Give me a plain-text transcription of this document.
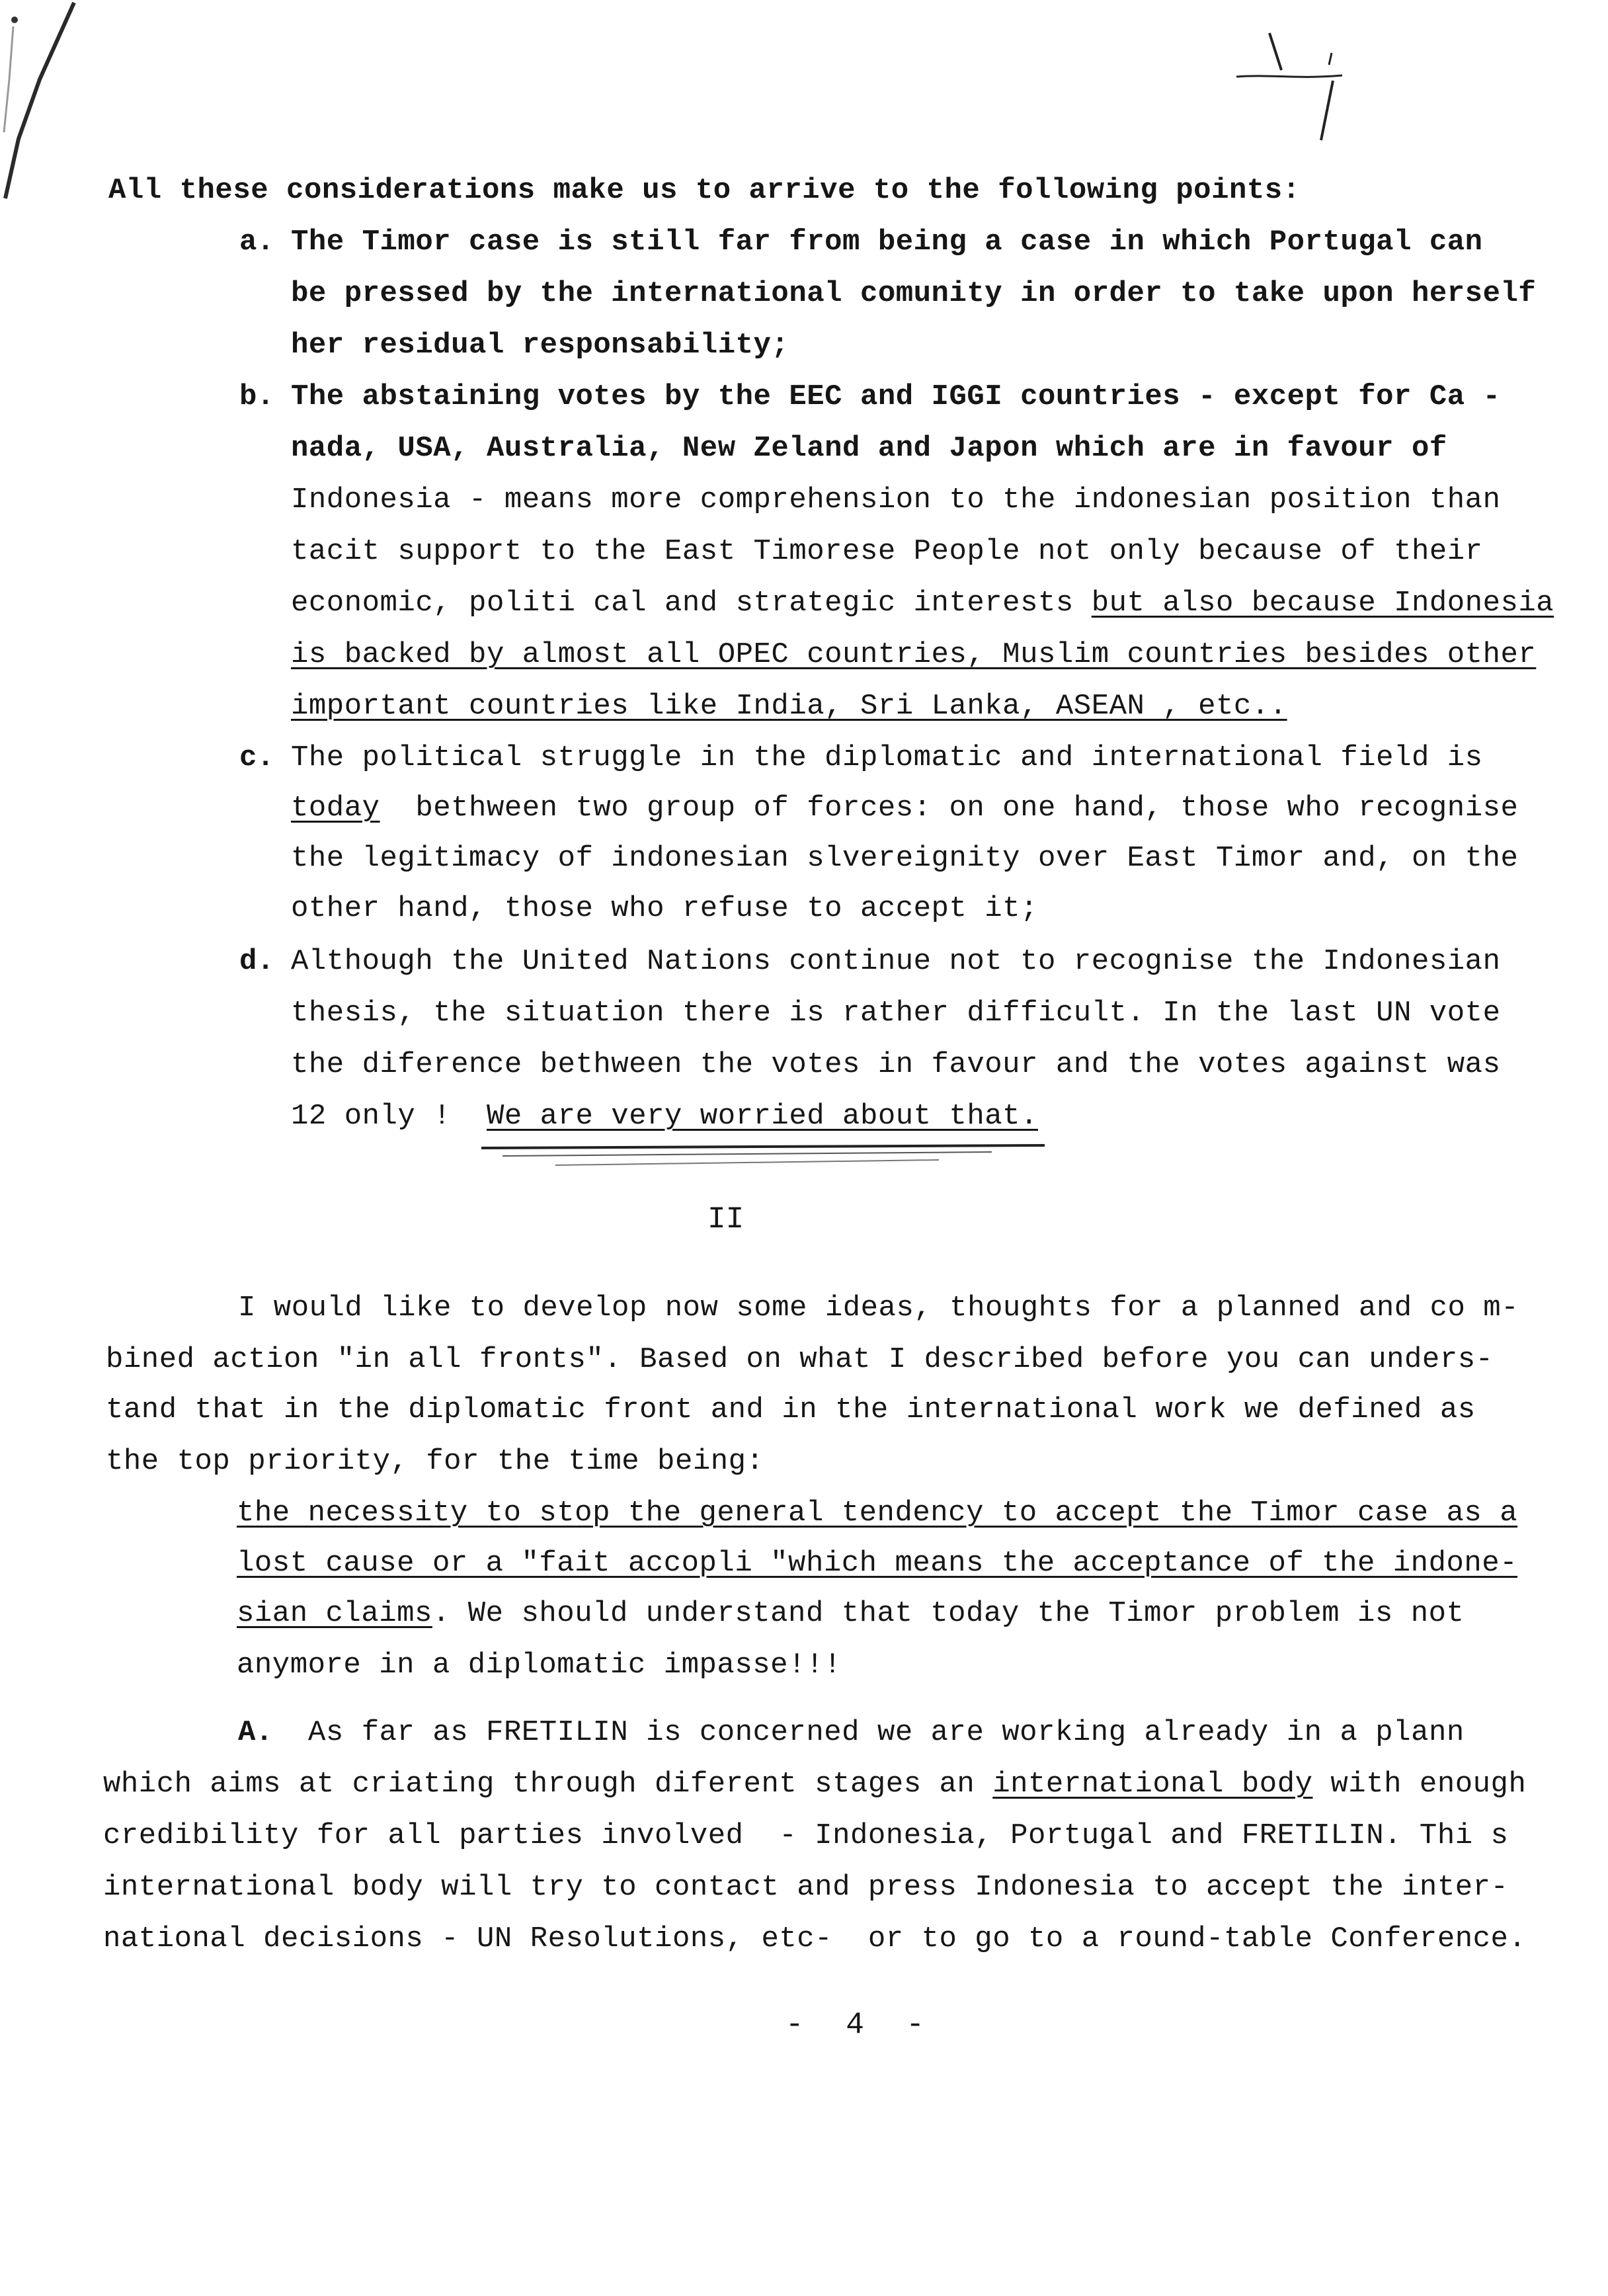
All these considerations make us to arrive to the following points:
a. The Timor case is still far from being a case in which Portugal can
be pressed by the international comunity in order to take upon herself
her residual responsability;
b. The abstaining votes by the EEC and IGGI countries - except for Ca -
nada, USA, Australia, New Zeland and Japon which are in favour of
Indonesia - means more comprehension to the indonesian position than
tacit support to the East Timorese People not only because of their
economic, politi cal and strategic interests but also because Indonesia
is backed by almost all OPEC countries, Muslim countries besides other
important countries like India, Sri Lanka, ASEAN , etc..
c. The political struggle in the diplomatic and international field is
today  bethween two group of forces: on one hand, those who recognise
the legitimacy of indonesian slvereignity over East Timor and, on the
other hand, those who refuse to accept it;
d. Although the United Nations continue not to recognise the Indonesian
thesis, the situation there is rather difficult. In the last UN vote
the diference bethween the votes in favour and the votes against was
12 only !  We are very worried about that.
II
I would like to develop now some ideas, thoughts for a planned and co m-
bined action "in all fronts". Based on what I described before you can unders-
tand that in the diplomatic front and in the international work we defined as
the top priority, for the time being:
the necessity to stop the general tendency to accept the Timor case as a
lost cause or a "fait accopli "which means the acceptance of the indone-
sian claims. We should understand that today the Timor problem is not
anymore in a diplomatic impasse!!!
A. As far as FRETILIN is concerned we are working already in a plann
which aims at criating through diferent stages an international body with enough
credibility for all parties involved  - Indonesia, Portugal and FRETILIN. Thi s
international body will try to contact and press Indonesia to accept the inter-
national decisions - UN Resolutions, etc-  or to go to a round-table Conference.
- 4 -
